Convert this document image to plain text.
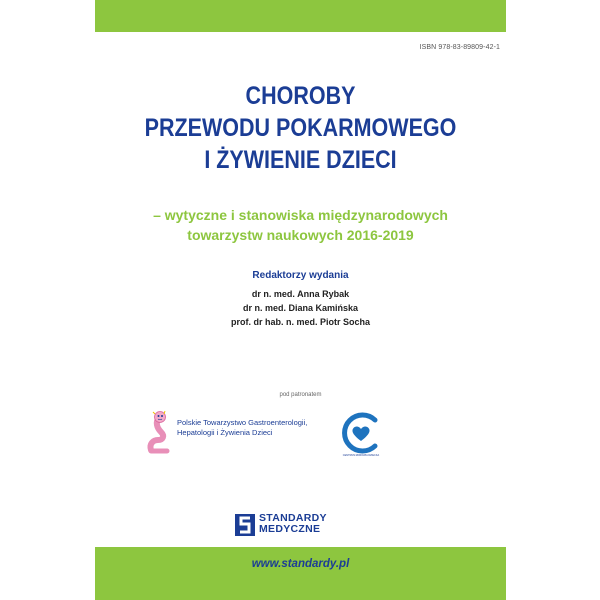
ISBN 978-83-89809-42-1
CHOROBY
PRZEWODU POKARMOWEGO
I ŻYWIENIE DZIECI
– wytyczne i stanowiska międzynarodowych
towarzystw naukowych 2016-2019
Redaktorzy wydania
dr n. med. Anna Rybak
dr n. med. Diana Kamińska
prof. dr hab. n. med. Piotr Socha
pod patronatem
Polskie Towarzystwo Gastroenterologii,
Hepatologii i Żywienia Dzieci
CENTRUM ZDROWIA DZIECKA
STANDARDY
MEDYCZNE
www.standardy.pl
